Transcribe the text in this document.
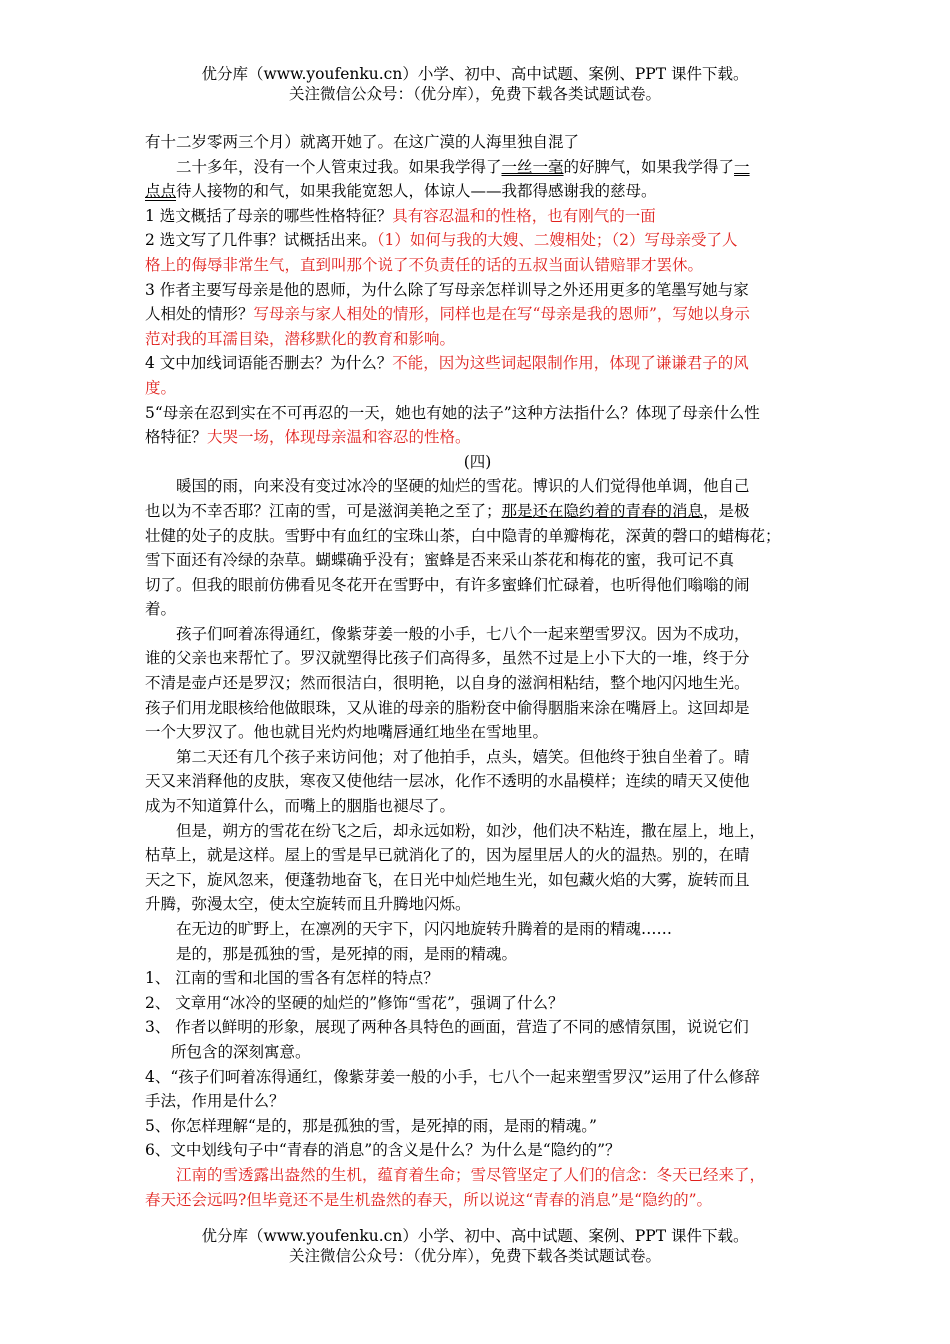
优分库（www.youfenku.cn）小学、初中、高中试题、案例、PPT 课件下载。
关注微信公众号：（优分库），免费下载各类试题试卷。
有十二岁零两三个月）就离开她了。在这广漠的人海里独自混了
二十多年，没有一个人管束过我。如果我学得了一丝一毫的好脾气，如果我学得了一
点点待人接物的和气，如果我能宽恕人，体谅人——我都得感谢我的慈母。
1 选文概括了母亲的哪些性格特征？具有容忍温和的性格，也有刚气的一面
2 选文写了几件事？试概括出来。（1）如何与我的大嫂、二嫂相处；（2）写母亲受了人
格上的侮辱非常生气，直到叫那个说了不负责任的话的五叔当面认错赔罪才罢休。
3 作者主要写母亲是他的恩师，为什么除了写母亲怎样训导之外还用更多的笔墨写她与家
人相处的情形？写母亲与家人相处的情形，同样也是在写“母亲是我的恩师”，写她以身示
范对我的耳濡目染，潜移默化的教育和影响。
4 文中加线词语能否删去？为什么？不能，因为这些词起限制作用，体现了谦谦君子的风
度。
5“母亲在忍到实在不可再忍的一天，她也有她的法子”这种方法指什么？体现了母亲什么性
格特征？大哭一场，体现母亲温和容忍的性格。
(四)
暖国的雨，向来没有变过冰冷的坚硬的灿烂的雪花。博识的人们觉得他单调，他自己
也以为不幸否耶？江南的雪，可是滋润美艳之至了；那是还在隐约着的青春的消息，是极
壮健的处子的皮肤。雪野中有血红的宝珠山茶，白中隐青的单瓣梅花，深黄的磬口的蜡梅花；
雪下面还有冷绿的杂草。蝴蝶确乎没有；蜜蜂是否来采山茶花和梅花的蜜，我可记不真
切了。但我的眼前仿佛看见冬花开在雪野中，有许多蜜蜂们忙碌着，也听得他们嗡嗡的闹
着。
孩子们呵着冻得通红，像紫芽姜一般的小手，七八个一起来塑雪罗汉。因为不成功，
谁的父亲也来帮忙了。罗汉就塑得比孩子们高得多，虽然不过是上小下大的一堆，终于分
不清是壶卢还是罗汉；然而很洁白，很明艳，以自身的滋润相粘结，整个地闪闪地生光。
孩子们用龙眼核给他做眼珠，又从谁的母亲的脂粉奁中偷得胭脂来涂在嘴唇上。这回却是
一个大罗汉了。他也就目光灼灼地嘴唇通红地坐在雪地里。
第二天还有几个孩子来访问他；对了他拍手，点头，嬉笑。但他终于独自坐着了。晴
天又来消释他的皮肤，寒夜又使他结一层冰，化作不透明的水晶模样；连续的晴天又使他
成为不知道算什么，而嘴上的胭脂也褪尽了。
但是，朔方的雪花在纷飞之后，却永远如粉，如沙，他们决不粘连，撒在屋上，地上，
枯草上，就是这样。屋上的雪是早已就消化了的，因为屋里居人的火的温热。别的，在晴
天之下，旋风忽来，便蓬勃地奋飞，在日光中灿烂地生光，如包藏火焰的大雾，旋转而且
升腾，弥漫太空，使太空旋转而且升腾地闪烁。
在无边的旷野上，在凛冽的天宇下，闪闪地旋转升腾着的是雨的精魂……
是的，那是孤独的雪，是死掉的雨，是雨的精魂。
1、 江南的雪和北国的雪各有怎样的特点？
2、 文章用“冰冷的坚硬的灿烂的”修饰“雪花”，强调了什么？
3、 作者以鲜明的形象，展现了两种各具特色的画面，营造了不同的感情氛围，说说它们
所包含的深刻寓意。
4、“孩子们呵着冻得通红，像紫芽姜一般的小手，七八个一起来塑雪罗汉”运用了什么修辞
手法，作用是什么？
5、你怎样理解“是的，那是孤独的雪，是死掉的雨，是雨的精魂。”
6、文中划线句子中“青春的消息”的含义是什么？为什么是“隐约的”？
江南的雪透露出盎然的生机，蕴育着生命；雪尽管坚定了人们的信念：冬天已经来了，
春天还会远吗?但毕竟还不是生机盎然的春天，所以说这“青春的消息”是“隐约的”。
优分库（www.youfenku.cn）小学、初中、高中试题、案例、PPT 课件下载。
关注微信公众号：（优分库），免费下载各类试题试卷。
